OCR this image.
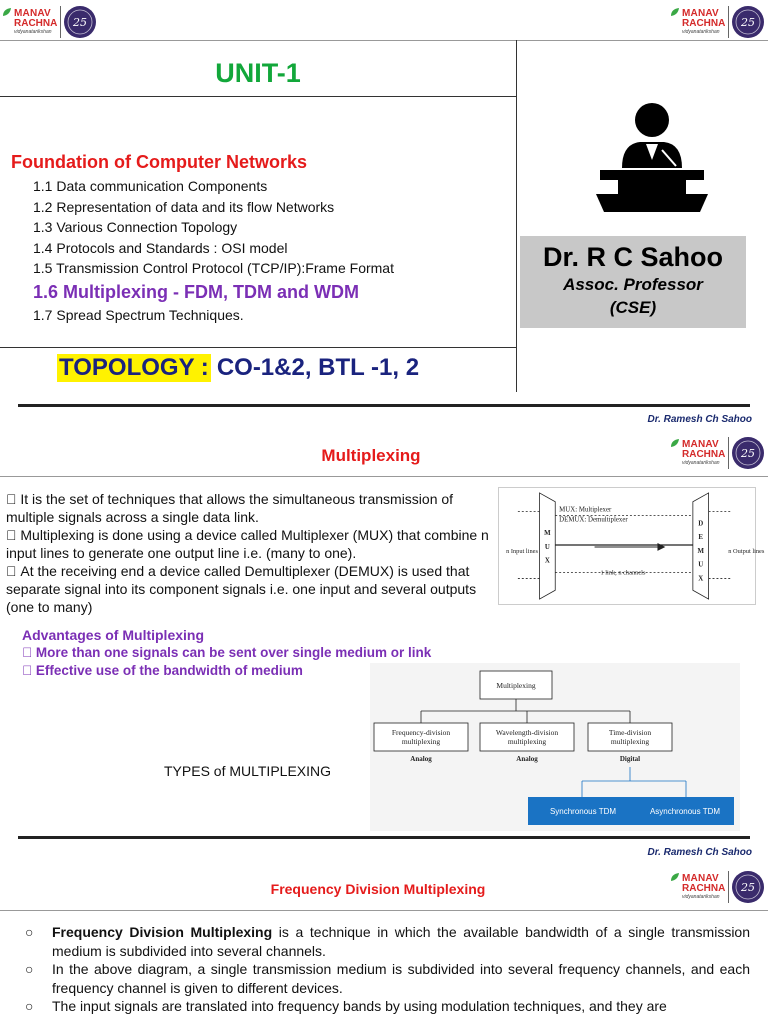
MANAV
RACHNA
vidyanatarikshan
25
MANAV
RACHNA
vidyanatarikshan
25
UNIT-1
Foundation of Computer Networks
1.1 Data communication Components
1.2 Representation of data and its flow Networks
1.3 Various Connection Topology
1.4 Protocols and Standards : OSI model
1.5 Transmission Control Protocol (TCP/IP):Frame Format
1.6 Multiplexing - FDM, TDM and WDM
1.7 Spread Spectrum Techniques.
Dr. R C Sahoo
Assoc. Professor
(CSE)
TOPOLOGY : CO-1&2, BTL -1, 2
Dr. Ramesh Ch Sahoo
MANAV
RACHNA
vidyanatarikshan
25
Multiplexing
It is the set of techniques that allows the simultaneous transmission of multiple signals across a single data link.
Multiplexing is done using a device called Multiplexer (MUX) that combine n input lines to generate one output line i.e. (many to one).
At the receiving end a device called Demultiplexer (DEMUX) is used that separate signal into its component signals i.e. one input and several outputs (one to many)
Advantages of Multiplexing
More than one signals can be sent over single medium or link
Effective use of the bandwidth of medium
TYPES of MULTIPLEXING
MUX: Multiplexer
DEMUX: Demultiplexer
1 link, n channels
n Input lines	n Output lines
M
U
X
D
E
M
U
X
Multiplexing
Frequency-division
multiplexing
Wavelength-division
multiplexing
Time-division
multiplexing
Analog	Analog	Digital
Synchronous TDM	Asynchronous TDM
Dr. Ramesh Ch Sahoo
MANAV
RACHNA
vidyanatarikshan
25
Frequency Division Multiplexing
○ Frequency Division Multiplexing is a technique in which the available bandwidth of a single transmission medium is subdivided into several channels.
○ In the above diagram, a single transmission medium is subdivided into several frequency channels, and each frequency channel is given to different devices.
○ The input signals are translated into frequency bands by using modulation techniques, and they are
